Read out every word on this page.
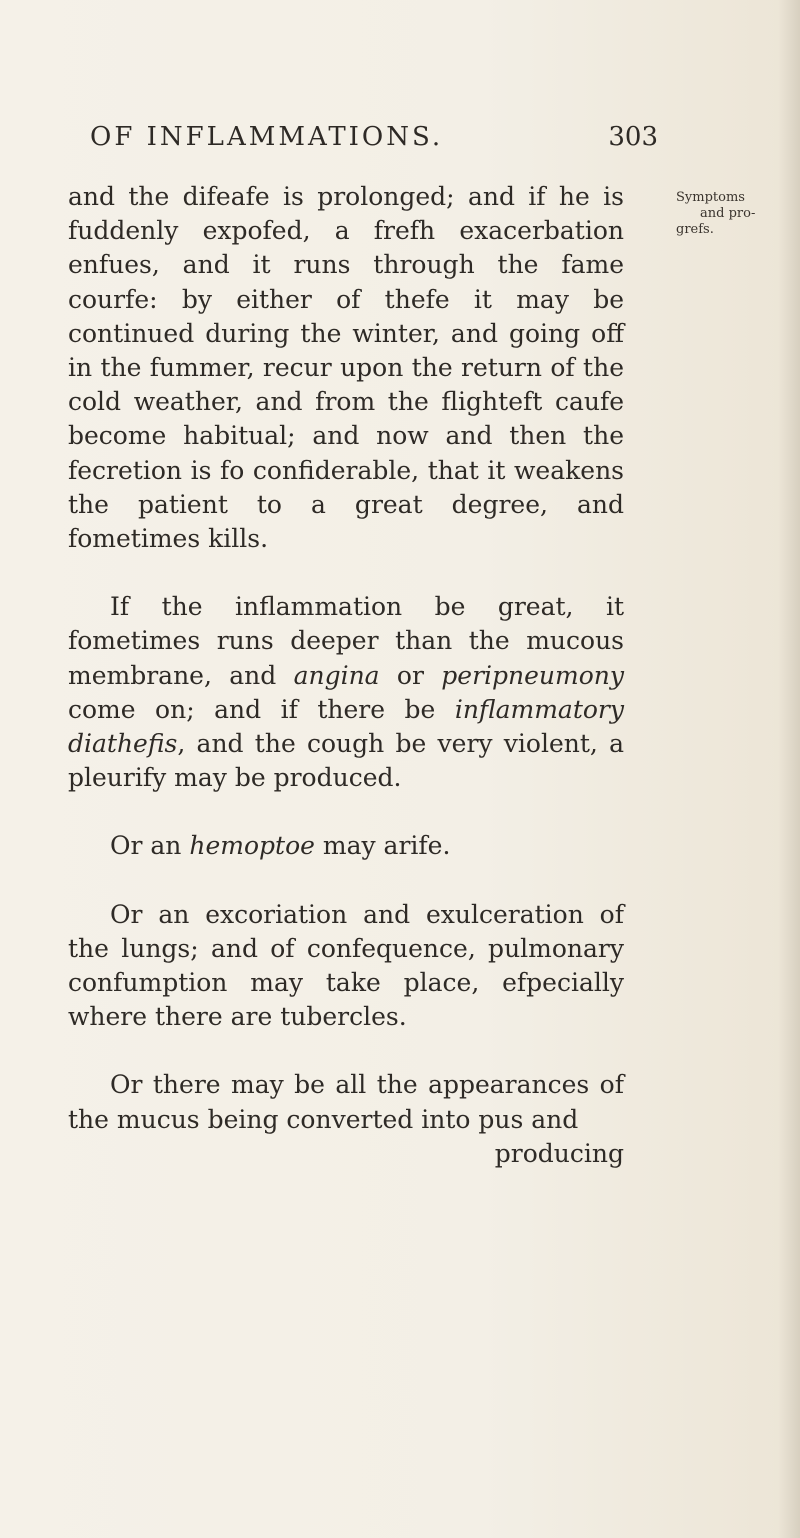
OF INFLAMMATIONS.	303
Symptoms
and pro-
grefs.

and the difeafe is prolonged; and if he is fuddenly expofed, a frefh exacerbation enfues, and it runs through the fame courfe: by either of thefe it may be continued during the winter, and going off in the fummer, recur upon the return of the cold weather, and from the flighteft caufe become habitual; and now and then the fecretion is fo confiderable, that it weakens the patient to a great degree, and fometimes kills.

If the inflammation be great, it fometimes runs deeper than the mucous membrane, and angina or peripneumony come on; and if there be inflammatory diathefis, and the cough be very violent, a pleurify may be produced.

Or an hemoptoe may arife.

Or an excoriation and exulceration of the lungs; and of confequence, pulmonary confumption may take place, efpecially where there are tubercles.

Or there may be all the appearances of the mucus being converted into pus and

producing
